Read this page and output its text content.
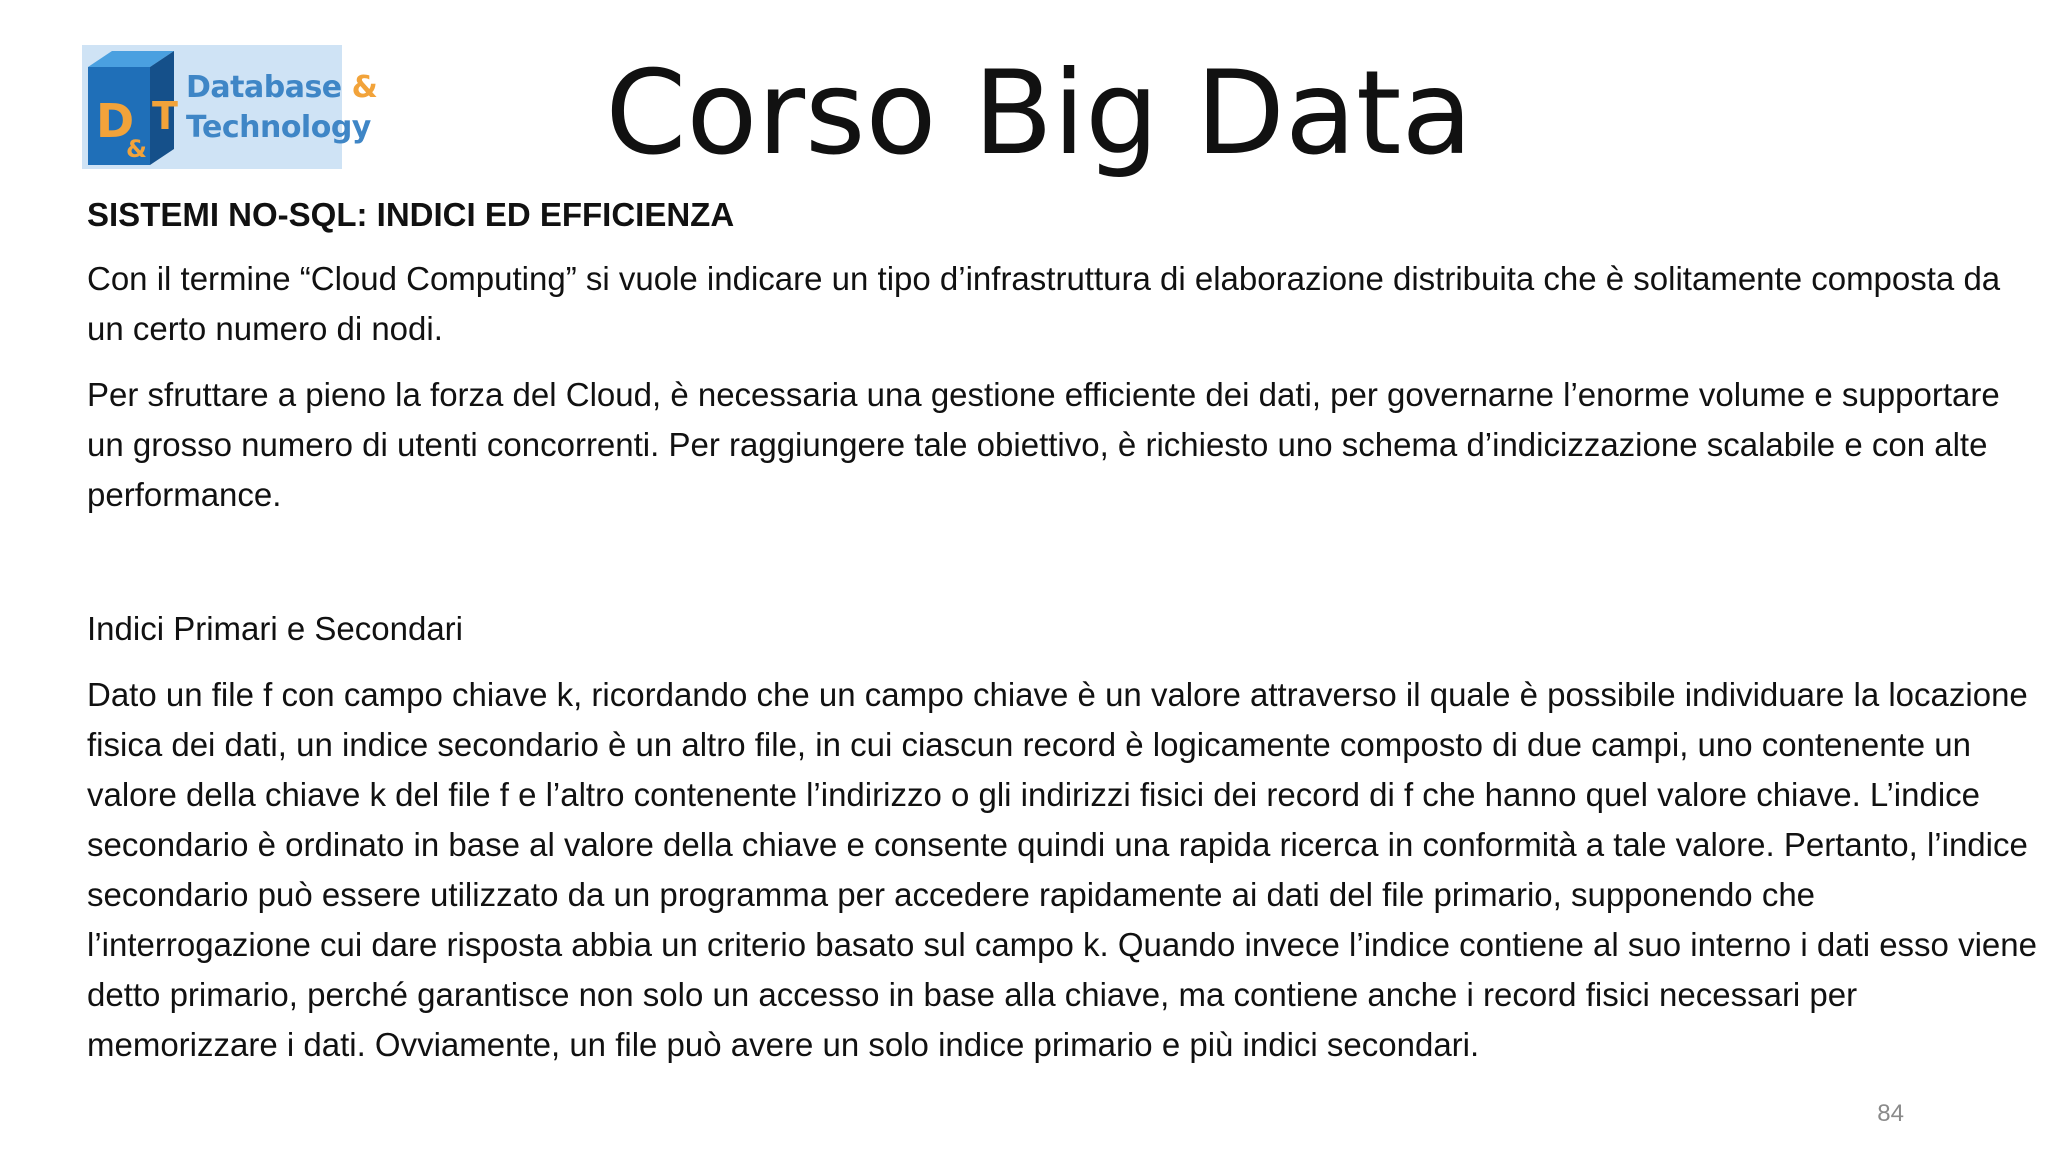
D
&
T
Database &
Technology	Corso Big Data

SISTEMI NO-SQL: INDICI ED EFFICIENZA

Con il termine “Cloud Computing” si vuole indicare un tipo d’infrastruttura di elaborazione distribuita che è solitamente composta da un certo numero di nodi.

Per sfruttare a pieno la forza del Cloud, è necessaria una gestione efficiente dei dati, per governarne l’enorme volume e supportare un grosso numero di utenti concorrenti. Per raggiungere tale obiettivo, è richiesto uno schema d’indicizzazione scalabile e con alte performance.

Indici Primari e Secondari

Dato un file f con campo chiave k, ricordando che un campo chiave è un valore attraverso il quale è possibile individuare la locazione fisica dei dati, un indice secondario è un altro file, in cui ciascun record è logicamente composto di due campi, uno contenente un valore della chiave k del file f e l’altro contenente l’indirizzo o gli indirizzi fisici dei record di f che hanno quel valore chiave. L’indice secondario è ordinato in base al valore della chiave e consente quindi una rapida ricerca in conformità a tale valore. Pertanto, l’indice secondario può essere utilizzato da un programma per accedere rapidamente ai dati del file primario, supponendo che l’interrogazione cui dare risposta abbia un criterio basato sul campo k. Quando invece l’indice contiene al suo interno i dati esso viene detto primario, perché garantisce non solo un accesso in base alla chiave, ma contiene anche i record fisici necessari per memorizzare i dati. Ovviamente, un file può avere un solo indice primario e più indici secondari.

84
